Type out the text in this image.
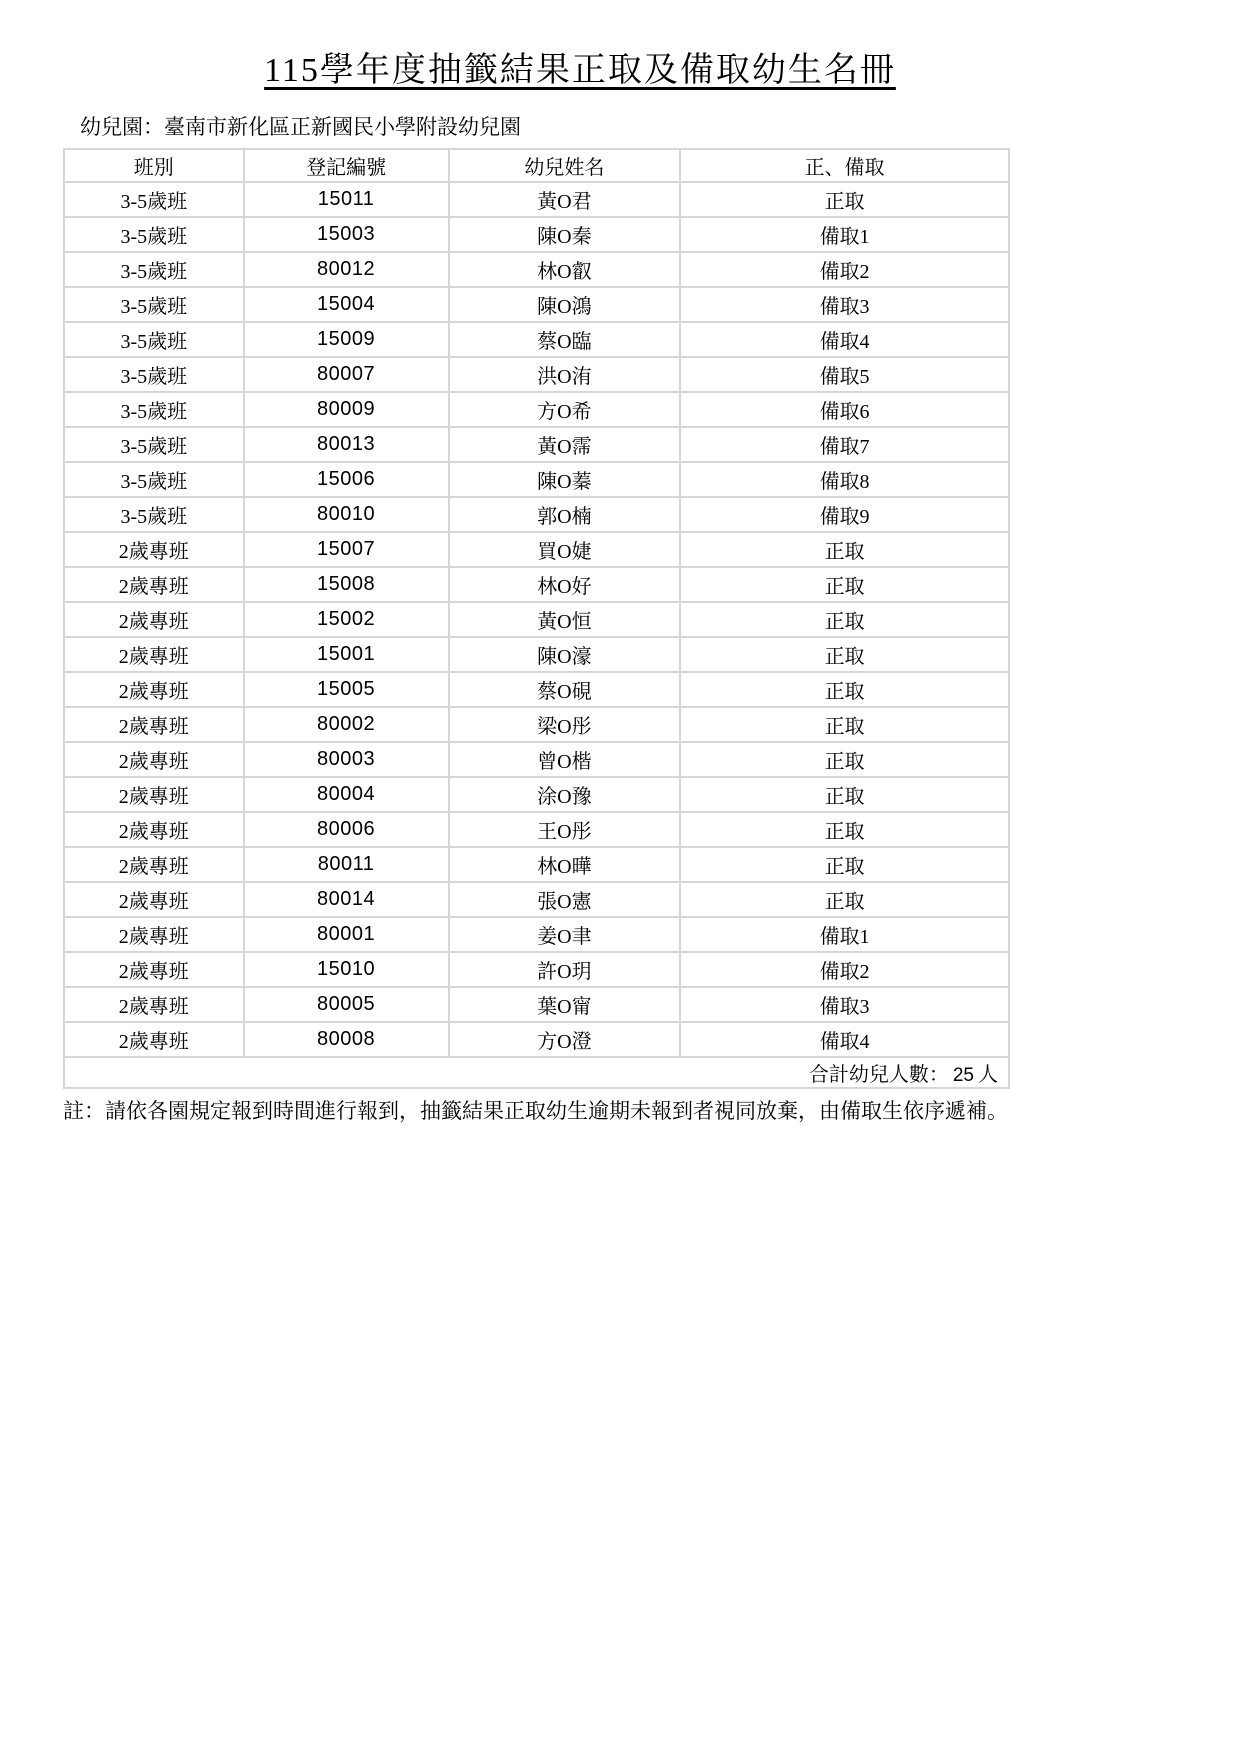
115學年度抽籤結果正取及備取幼生名冊
幼兒園：臺南市新化區正新國民小學附設幼兒園
班別	登記編號	幼兒姓名	正、備取
3-5歲班	15011	黃O君	正取
3-5歲班	15003	陳O秦	備取1
3-5歲班	80012	林O叡	備取2
3-5歲班	15004	陳O鴻	備取3
3-5歲班	15009	蔡O臨	備取4
3-5歲班	80007	洪O洧	備取5
3-5歲班	80009	方O希	備取6
3-5歲班	80013	黃O霈	備取7
3-5歲班	15006	陳O蓁	備取8
3-5歲班	80010	郭O楠	備取9
2歲專班	15007	買O婕	正取
2歲專班	15008	林O好	正取
2歲專班	15002	黃O恒	正取
2歲專班	15001	陳O濠	正取
2歲專班	15005	蔡O硯	正取
2歲專班	80002	梁O彤	正取
2歲專班	80003	曾O楷	正取
2歲專班	80004	涂O豫	正取
2歲專班	80006	王O彤	正取
2歲專班	80011	林O曄	正取
2歲專班	80014	張O憲	正取
2歲專班	80001	姜O聿	備取1
2歲專班	15010	許O玥	備取2
2歲專班	80005	葉O甯	備取3
2歲專班	80008	方O澄	備取4
合計幼兒人數： 25 人			
註：請依各園規定報到時間進行報到，抽籤結果正取幼生逾期未報到者視同放棄，由備取生依序遞補。
